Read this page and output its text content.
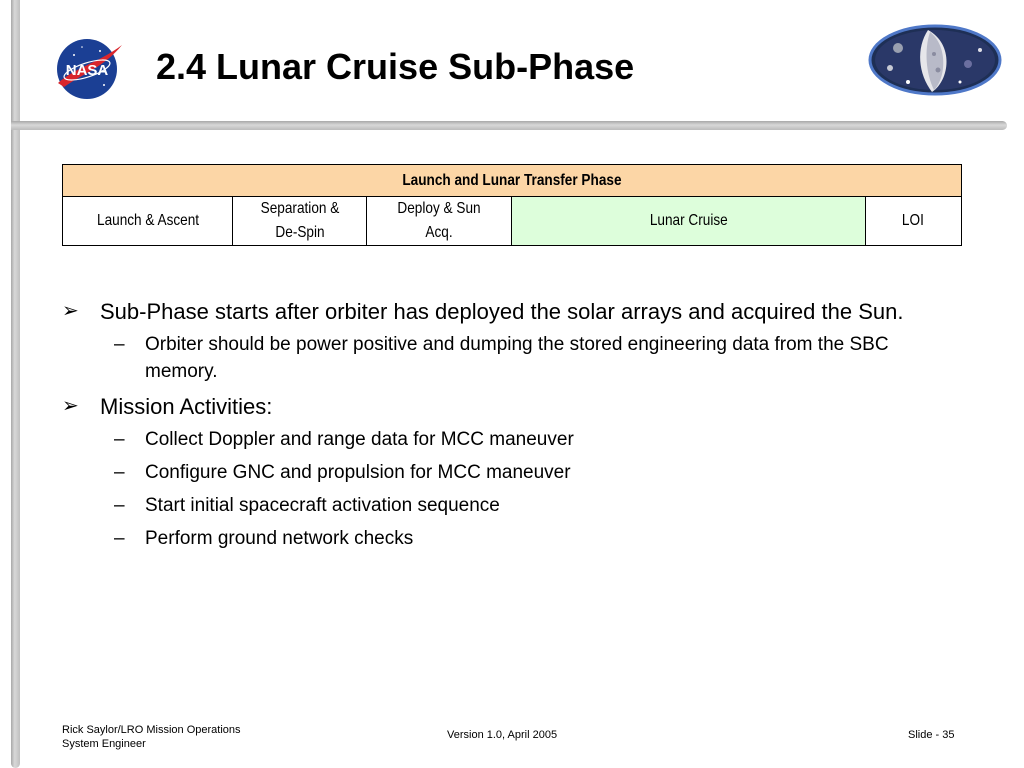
NASA 2.4 Lunar Cruise Sub-Phase
Launch and Lunar Transfer Phase
Launch & Ascent	Separation & De-Spin	Deploy & Sun Acq.	Lunar Cruise	LOI
➢ Sub-Phase starts after orbiter has deployed the solar arrays and acquired the Sun.
– Orbiter should be power positive and dumping the stored engineering data from the SBC memory.
➢ Mission Activities:
– Collect Doppler and range data for MCC maneuver
– Configure GNC and propulsion for MCC maneuver
– Start initial spacecraft activation sequence
– Perform ground network checks
Rick Saylor/LRO Mission Operations
System Engineer
Version 1.0, April 2005	Slide - 35
